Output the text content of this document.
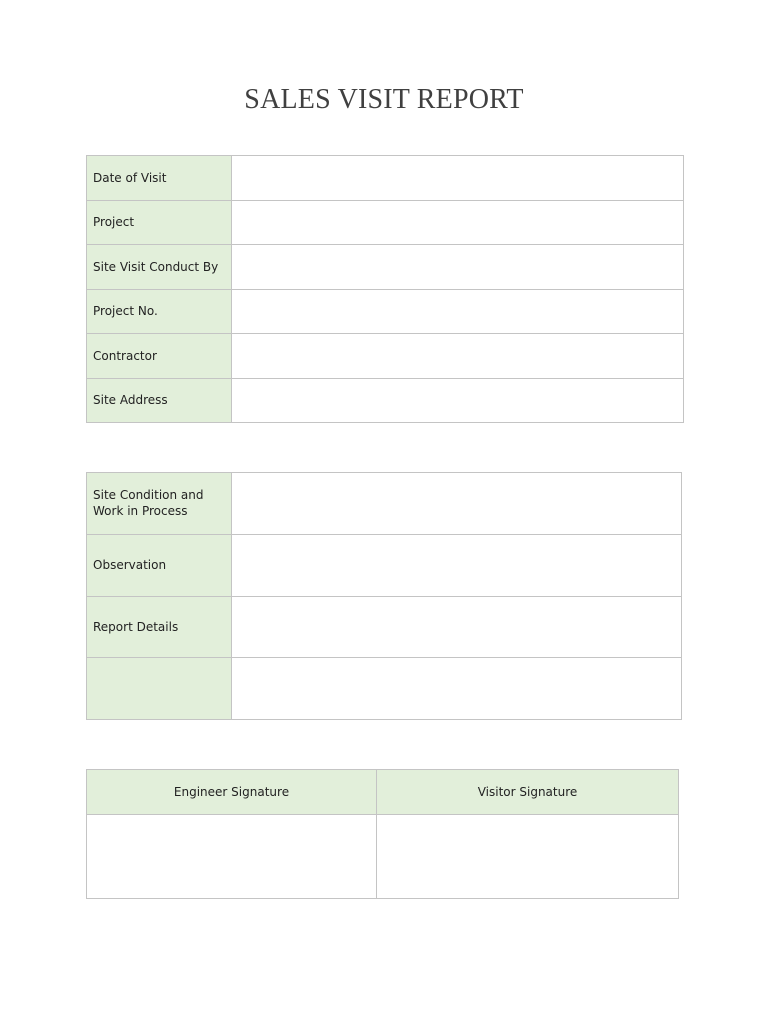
SALES VISIT REPORT
Date of Visit	
Project	
Site Visit Conduct By	
Project No.	
Contractor	
Site Address	
Site Condition and Work in Process	
Observation	
Report Details	

Engineer Signature	Visitor Signature
